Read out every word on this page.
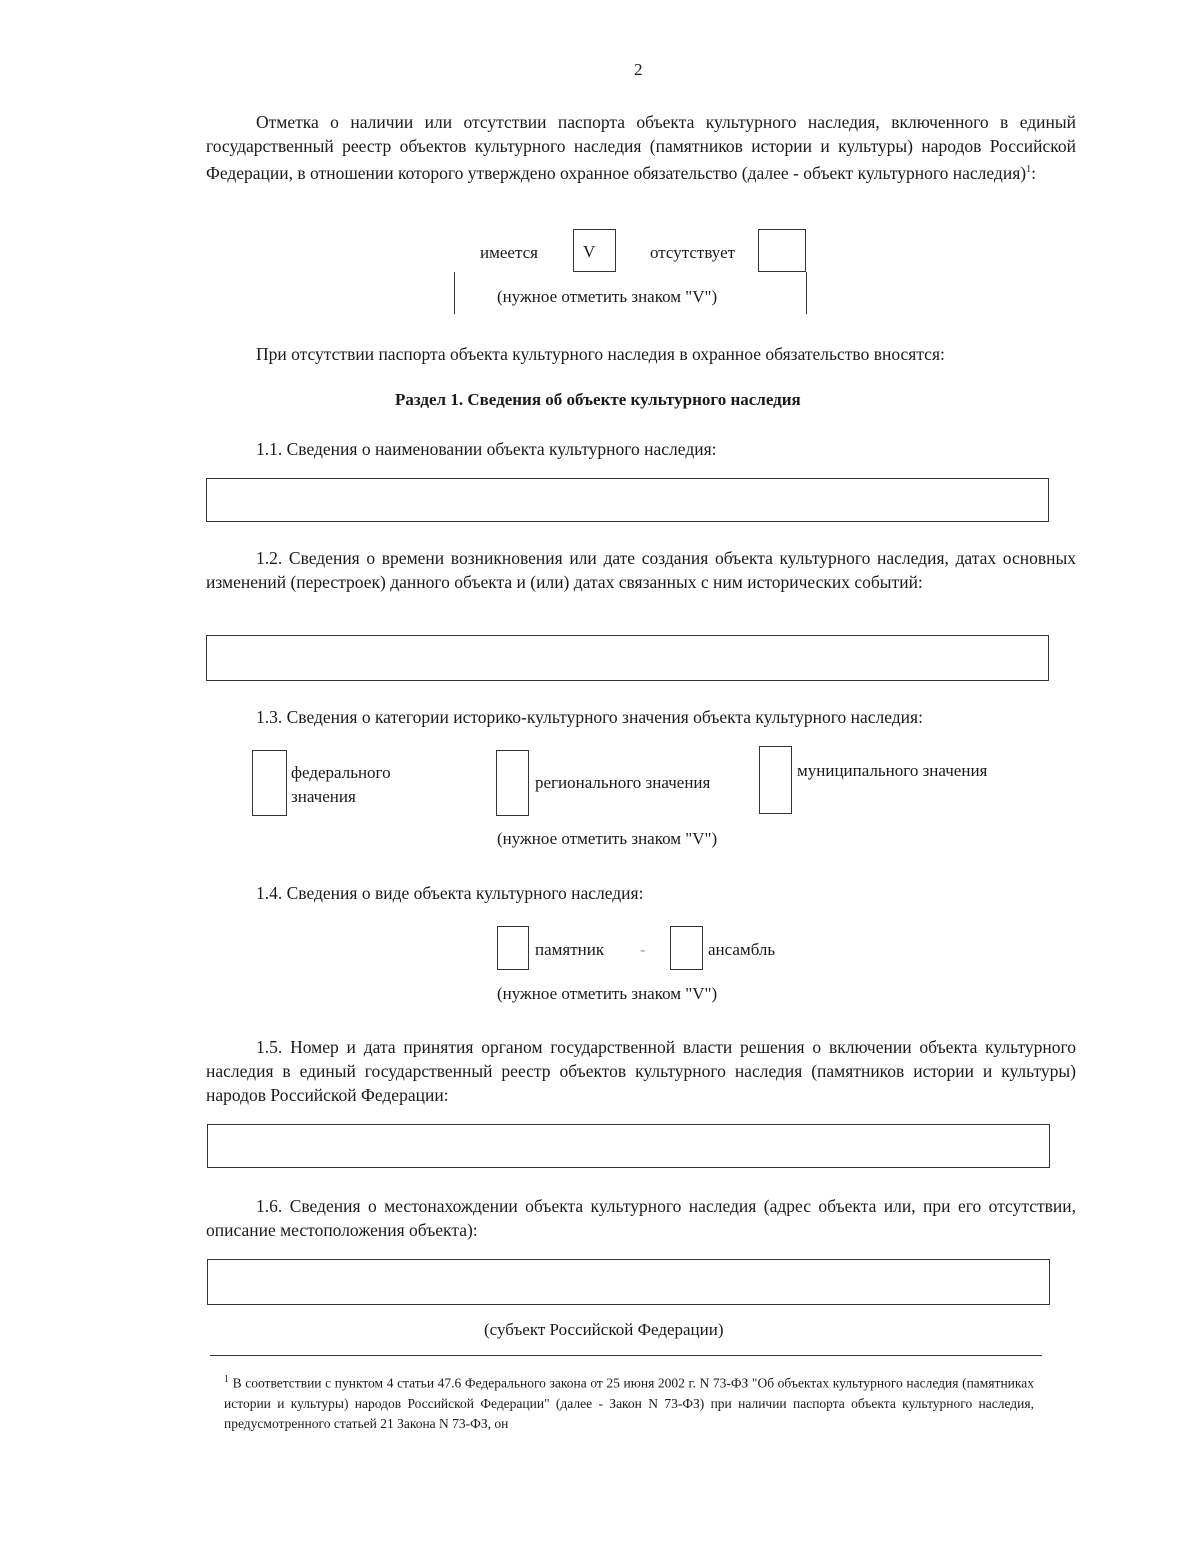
2

Отметка о наличии или отсутствии паспорта объекта культурного наследия, включенного в единый государственный реестр объектов культурного наследия (памятников истории и культуры) народов Российской Федерации, в отношении которого утверждено охранное обязательство (далее - объект культурного наследия)$^1$:

имеется	V	отсутствует
(нужное отметить знаком "V")

При отсутствии паспорта объекта культурного наследия в охранное обязательство вносятся:

Раздел 1. Сведения об объекте культурного наследия

1.1. Сведения о наименовании объекта культурного наследия:

1.2. Сведения о времени возникновения или дате создания объекта культурного наследия, датах основных изменений (перестроек) данного объекта и (или) датах связанных с ним исторических событий:

1.3. Сведения о категории историко-культурного значения объекта культурного наследия:

федерального значения
регионального значения
муниципального значения
(нужное отметить знаком "V")

1.4. Сведения о виде объекта культурного наследия:

памятник -	ансамбль
(нужное отметить знаком "V")

1.5. Номер и дата принятия органом государственной власти решения о включении объекта культурного наследия в единый государственный реестр объектов культурного наследия (памятников истории и культуры) народов Российской Федерации:

1.6. Сведения о местонахождении объекта культурного наследия (адрес объекта или, при его отсутствии, описание местоположения объекта):

(субъект Российской Федерации)

$^1$ В соответствии с пунктом 4 статьи 47.6 Федерального закона от 25 июня 2002 г. N 73-ФЗ "Об объектах культурного наследия (памятниках истории и культуры) народов Российской Федерации" (далее - Закон N 73-ФЗ) при наличии паспорта объекта культурного наследия, предусмотренного статьей 21 Закона N 73-ФЗ, он
